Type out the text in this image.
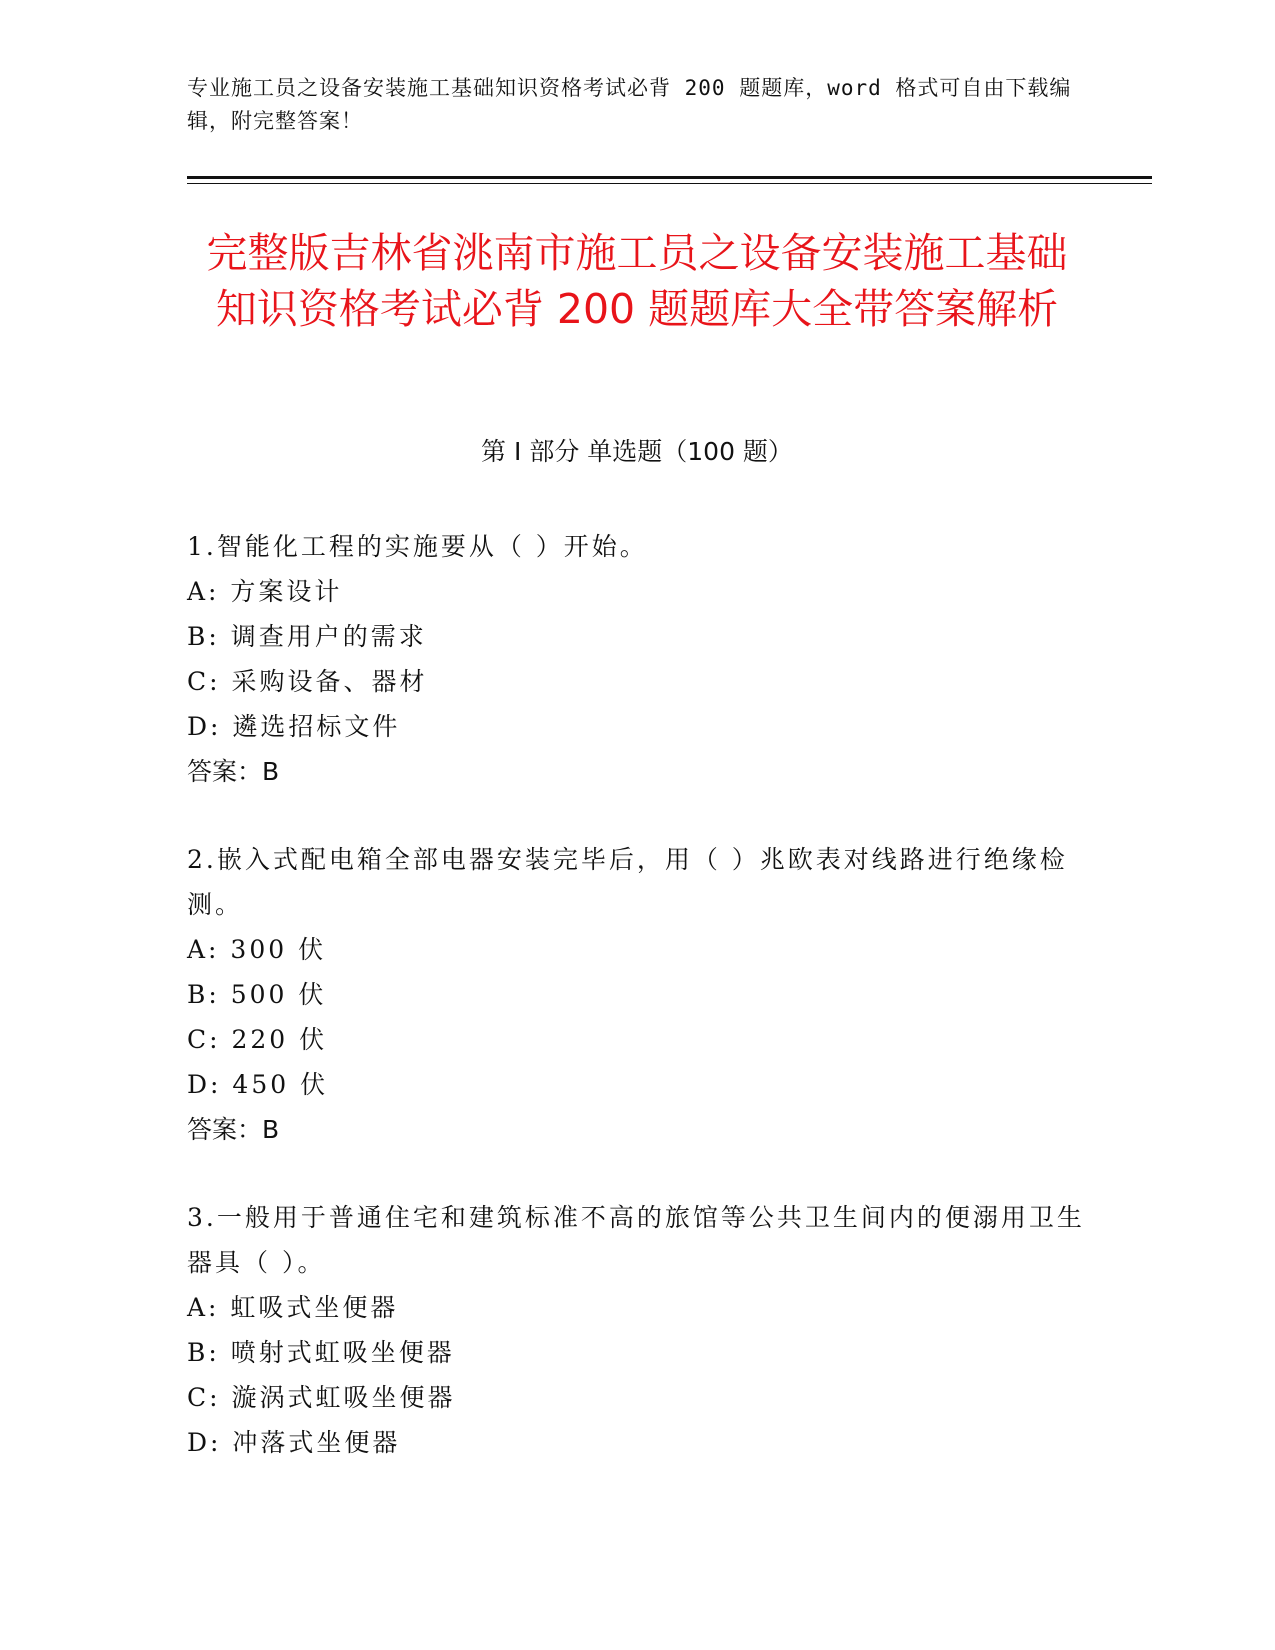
专业施工员之设备安装施工基础知识资格考试必背 200 题题库，word 格式可自由下载编辑，附完整答案！
完整版吉林省洮南市施工员之设备安装施工基础知识资格考试必背 200 题题库大全带答案解析
第 I 部分 单选题（100 题）
1.智能化工程的实施要从（ ）开始。
A: 方案设计
B: 调查用户的需求
C: 采购设备、器材
D: 遴选招标文件
答案：B
2.嵌入式配电箱全部电器安装完毕后，用（ ）兆欧表对线路进行绝缘检测。
A: 300 伏
B: 500 伏
C: 220 伏
D: 450 伏
答案：B
3.一般用于普通住宅和建筑标准不高的旅馆等公共卫生间内的便溺用卫生器具（ ）。
A: 虹吸式坐便器
B: 喷射式虹吸坐便器
C: 漩涡式虹吸坐便器
D: 冲落式坐便器
